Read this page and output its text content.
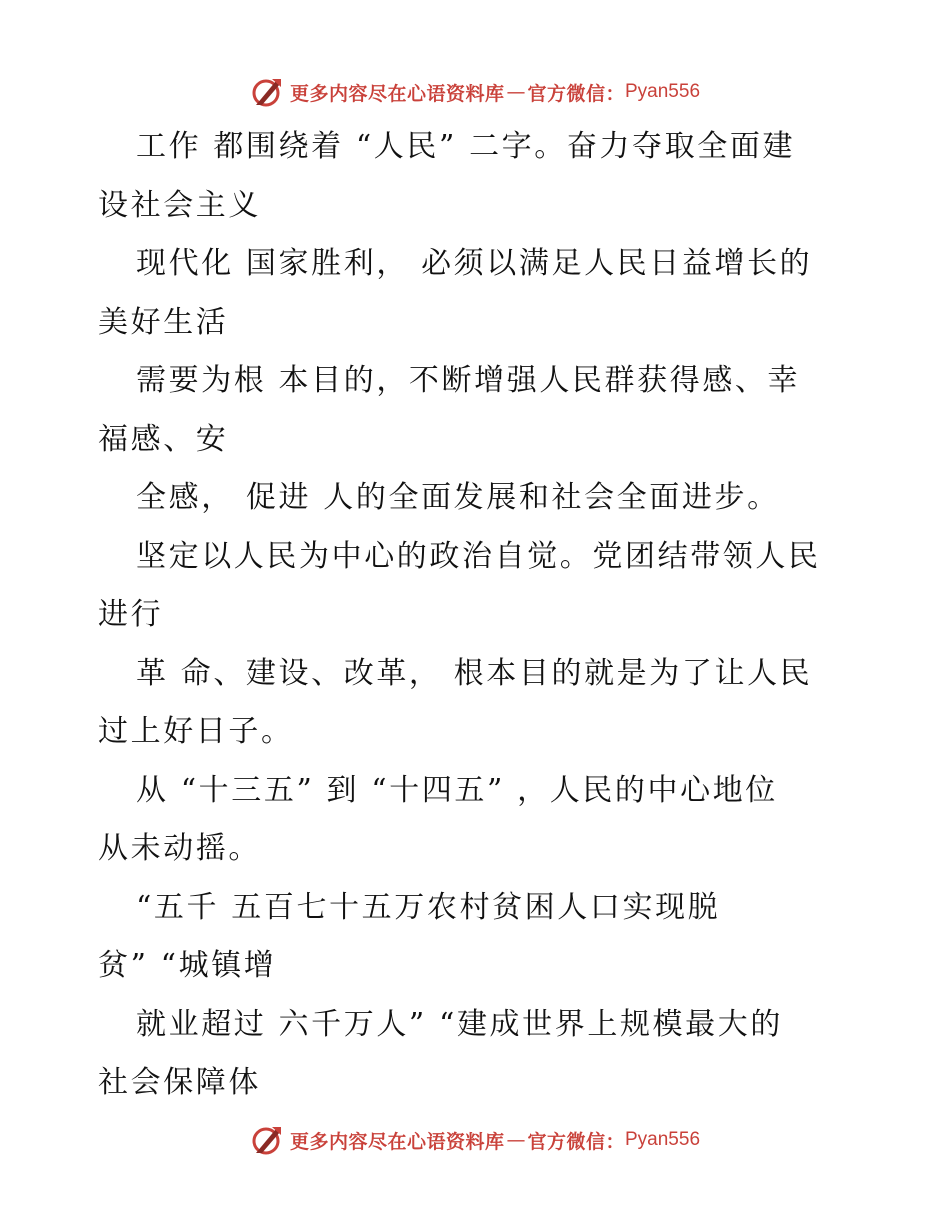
更多内容尽在心语资料库 — 官方微信： Pyan556

工作 都围绕着 “人民” 二字。奋力夺取全面建
设社会主义

现代化 国家胜利， 必须以满足人民日益增长的
美好生活

需要为根 本目的，不断增强人民群获得感、幸
福感、安

全感， 促进 人的全面发展和社会全面进步。

坚定以人民为中心的政治自觉。党团结带领人民
进行

革 命、建设、改革， 根本目的就是为了让人民
过上好日子。

从 “十三五” 到 “十四五” ，人民的中心地位
从未动摇。

“五千 五百七十五万农村贫困人口实现脱
贫” “城镇增

就业超过 六千万人” “建成世界上规模最大的
社会保障体

更多内容尽在心语资料库 — 官方微信： Pyan556
